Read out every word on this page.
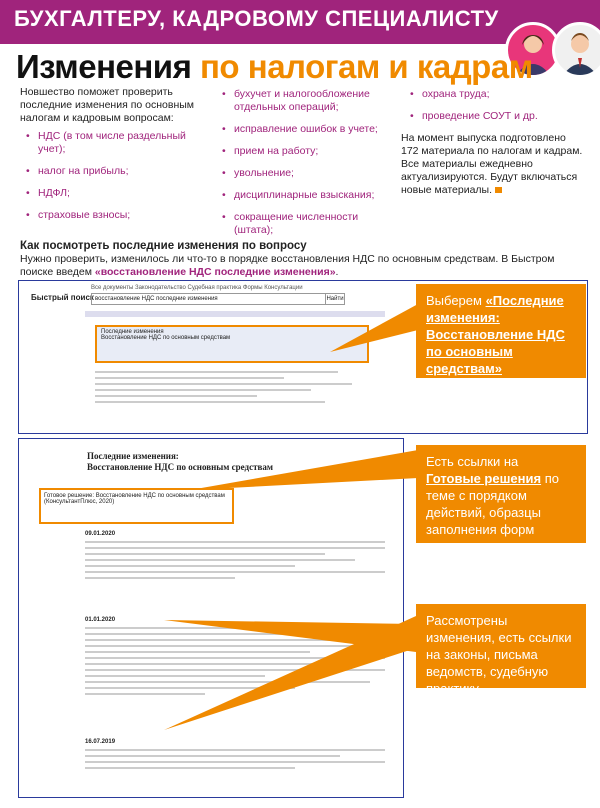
БУХГАЛТЕРУ, КАДРОВОМУ СПЕЦИАЛИСТУ
Изменения по налогам и кадрам
Новшество поможет проверить последние изменения по основным налогам и кадровым вопросам:
• НДС (в том числе раздельный учет);
• налог на прибыль;
• НДФЛ;
• страховые взносы;
• бухучет и налогообложение отдельных операций;
• исправление ошибок в учете;
• прием на работу;
• увольнение;
• дисциплинарные взыскания;
• сокращение численности (штата);
• охрана труда;
• проведение СОУТ и др.
На момент выпуска подготовлено 172 материала по налогам и кадрам. Все материалы ежедневно актуализируются. Будут включаться новые материалы.
Как посмотреть последние изменения по вопросу
Нужно проверить, изменилось ли что-то в порядке восстановления НДС по основным средствам. В Быстром поиске введем «восстановление НДС последние изменения».
Быстрый поиск
Все документы Законодательство Судебная практика Формы Консультации
восстановление НДС последние изменения	Найти
Последние изменения
Восстановление НДС по основным средствам
Последние изменения:
Восстановление НДС по основным средствам
Готовое решение: Восстановление НДС по основным средствам (КонсультантПлюс, 2020)
09.01.2020
01.01.2020
16.07.2019
Выберем «Последние изменения: Восстановление НДС по основным средствам»
Есть ссылки на Готовые решения по теме с порядком действий, образцы заполнения форм
Рассмотрены изменения, есть ссылки на законы, письма ведомств, судебную практику
